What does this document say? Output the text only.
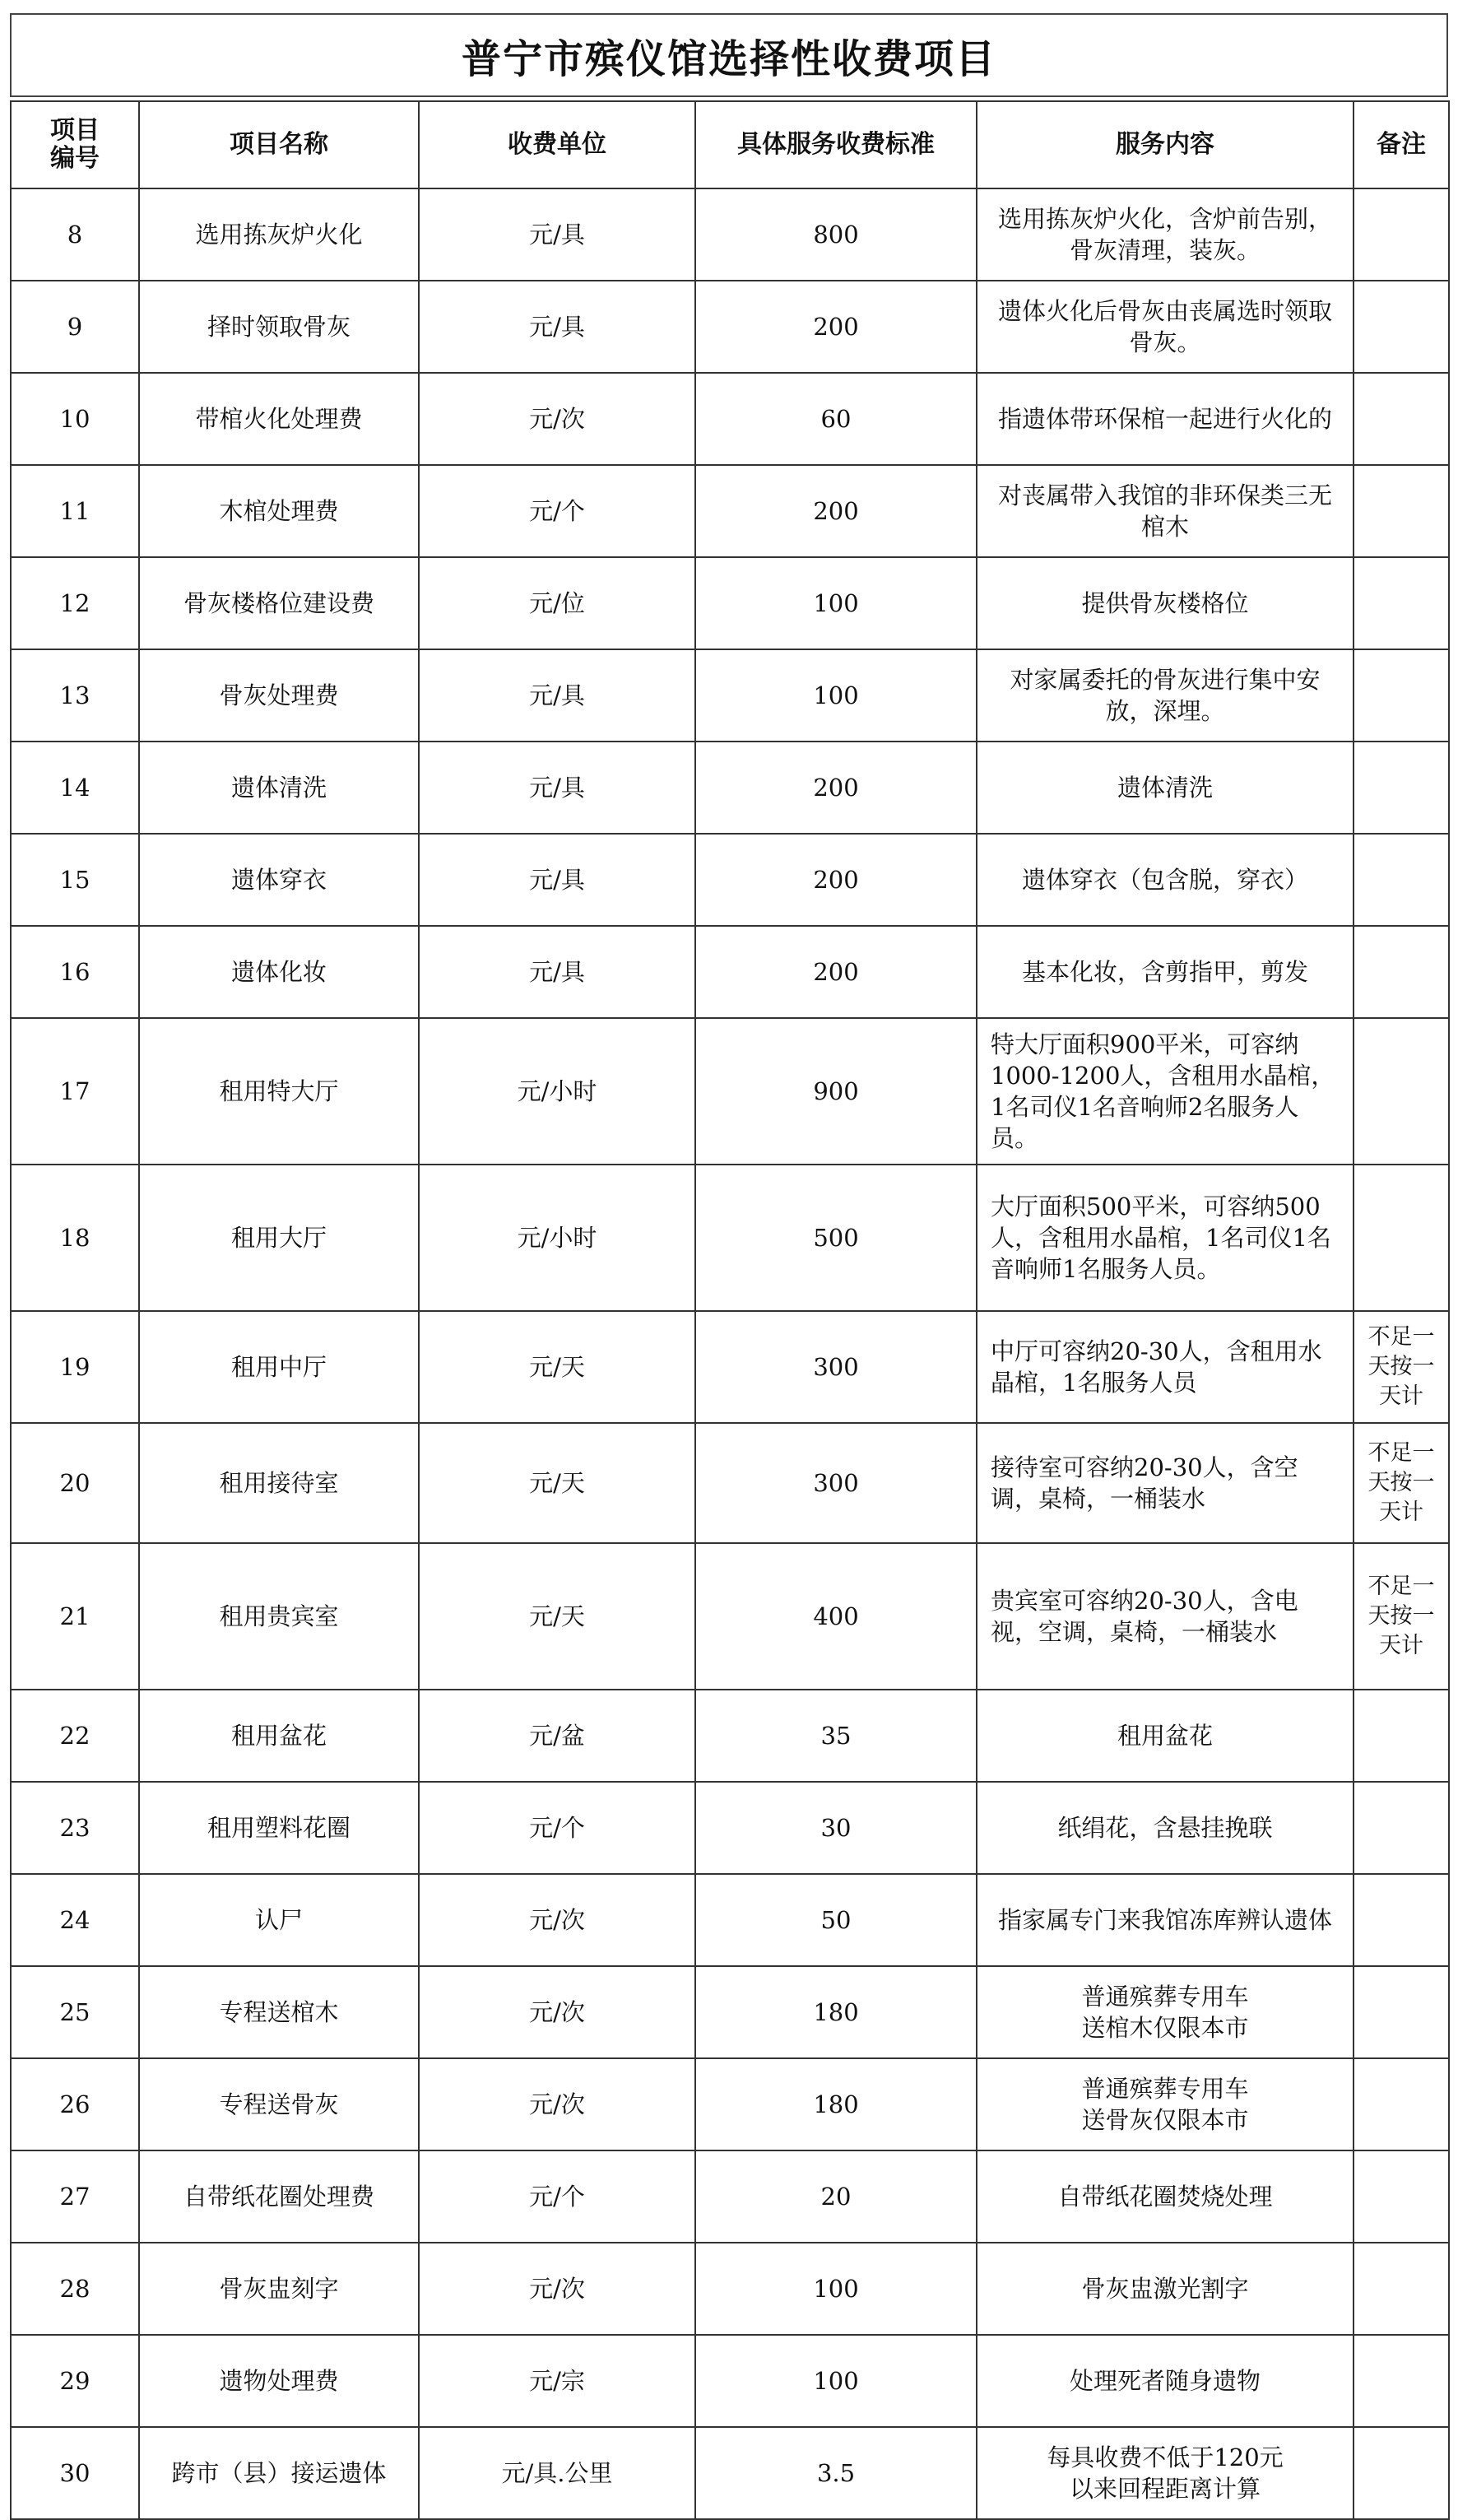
普宁市殡仪馆选择性收费项目
项目
编号	项目名称	收费单位	具体服务收费标准	服务内容	备注
8	选用拣灰炉火化	元/具	800	选用拣灰炉火化，含炉前告别，骨灰清理，装灰。	

9	择时领取骨灰	元/具	200	遗体火化后骨灰由丧属选时领取骨灰。	

10	带棺火化处理费	元/次	60	指遗体带环保棺一起进行火化的	

11	木棺处理费	元/个	200	对丧属带入我馆的非环保类三无棺木	

12	骨灰楼格位建设费	元/位	100	提供骨灰楼格位	

13	骨灰处理费	元/具	100	对家属委托的骨灰进行集中安放，深埋。	

14	遗体清洗	元/具	200	遗体清洗	

15	遗体穿衣	元/具	200	遗体穿衣（包含脱，穿衣）	

16	遗体化妆	元/具	200	基本化妆，含剪指甲，剪发	

17	租用特大厅	元/小时	900	特大厅面积900平米，可容纳1000-1200人，含租用水晶棺，1名司仪1名音响师2名服务人员。	

18	租用大厅	元/小时	500	大厅面积500平米，可容纳500人，含租用水晶棺，1名司仪1名音响师1名服务人员。	

19	租用中厅	元/天	300	中厅可容纳20-30人，含租用水晶棺，1名服务人员	不足一天按一天计
20	租用接待室	元/天	300	接待室可容纳20-30人，含空调，桌椅，一桶装水	不足一天按一天计
21	租用贵宾室	元/天	400	贵宾室可容纳20-30人，含电视，空调，桌椅，一桶装水	不足一天按一天计
22	租用盆花	元/盆	35	租用盆花	

23	租用塑料花圈	元/个	30	纸绢花，含悬挂挽联	

24	认尸	元/次	50	指家属专门来我馆冻库辨认遗体	

25	专程送棺木	元/次	180	普通殡葬专用车
送棺木仅限本市	

26	专程送骨灰	元/次	180	普通殡葬专用车
送骨灰仅限本市	

27	自带纸花圈处理费	元/个	20	自带纸花圈焚烧处理	

28	骨灰盅刻字	元/次	100	骨灰盅激光割字	

29	遗物处理费	元/宗	100	处理死者随身遗物	

30	跨市（县）接运遗体	元/具.公里	3.5	每具收费不低于120元
以来回程距离计算	
